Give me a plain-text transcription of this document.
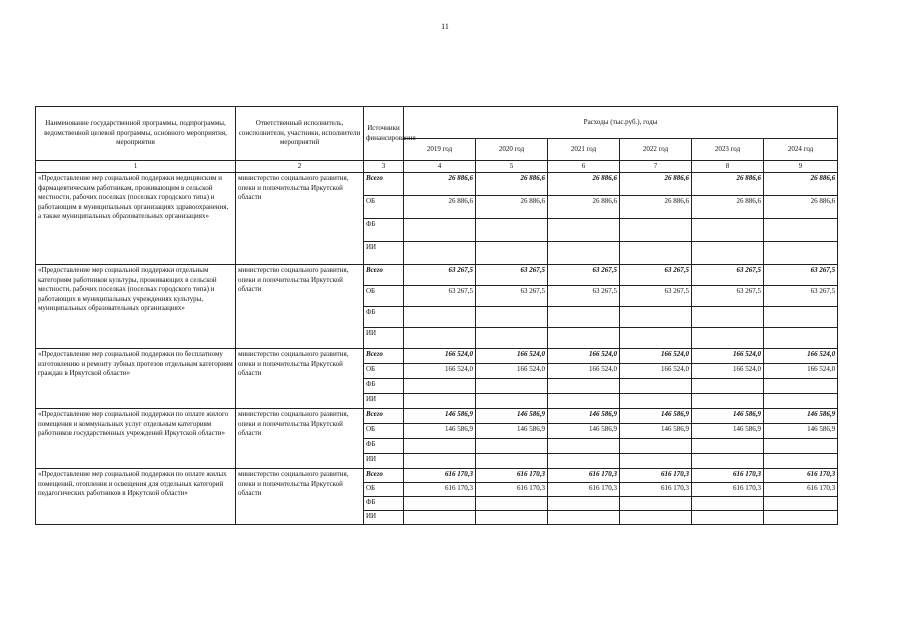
11
Наименование государственной программы, подпрограммы, ведомственной целевой программы, основного мероприятия, мероприятия	Ответственный исполнитель, соисполнители, участники, исполнители мероприятий	Источники финансирования	Расходы (тыс.руб.), годы					
			2019 год	2020 год	2021 год	2022 год	2023 год	2024 год
1	2	3	4	5	6	7	8	9
«Предоставление мер социальной поддержки медицинским и фармацевтическим работникам, проживающим в сельской местности, рабочих поселках (поселках городского типа) и работающим в муниципальных организациях здравоохранения, а также муниципальных образовательных организациях»	министерство социального развития, опеки и попечительства Иркутской области	Всего	26 886,6	26 886,6	26 886,6	26 886,6	26 886,6	26 886,6
		ОБ	26 886,6	26 886,6	26 886,6	26 886,6	26 886,6	26 886,6
		ФБ						
		ИИ						
«Предоставление мер социальной поддержки отдельным категориям работников культуры, проживающих в сельской местности, рабочих поселках (поселках городского типа) и работающих в муниципальных учреждениях культуры, муниципальных образовательных организациях»	министерство социального развития, опеки и попечительства Иркутской области	Всего	63 267,5	63 267,5	63 267,5	63 267,5	63 267,5	63 267,5
		ОБ	63 267,5	63 267,5	63 267,5	63 267,5	63 267,5	63 267,5
		ФБ						
		ИИ						
«Предоставление мер социальной поддержки по бесплатному изготовлению и ремонту зубных протезов отдельным категориям граждан в Иркутской области»	министерство социального развития, опеки и попечительства Иркутской области	Всего	166 524,0	166 524,0	166 524,0	166 524,0	166 524,0	166 524,0
		ОБ	166 524,0	166 524,0	166 524,0	166 524,0	166 524,0	166 524,0
		ФБ						
		ИИ						
«Предоставление мер социальной поддержки по оплате жилого помещения и коммунальных услуг отдельным категориям работников государственных учреждений Иркутской области»	министерство социального развития, опеки и попечительства Иркутской области	Всего	146 586,9	146 586,9	146 586,9	146 586,9	146 586,9	146 586,9
		ОБ	146 586,9	146 586,9	146 586,9	146 586,9	146 586,9	146 586,9
		ФБ						
		ИИ						
«Предоставление мер социальной поддержки по оплате жилых помещений, отопления и освещения для отдельных категорий педагогических работников в Иркутской области»	министерство социального развития, опеки и попечительства Иркутской области	Всего	616 170,3	616 170,3	616 170,3	616 170,3	616 170,3	616 170,3
		ОБ	616 170,3	616 170,3	616 170,3	616 170,3	616 170,3	616 170,3
		ФБ						
		ИИ						
